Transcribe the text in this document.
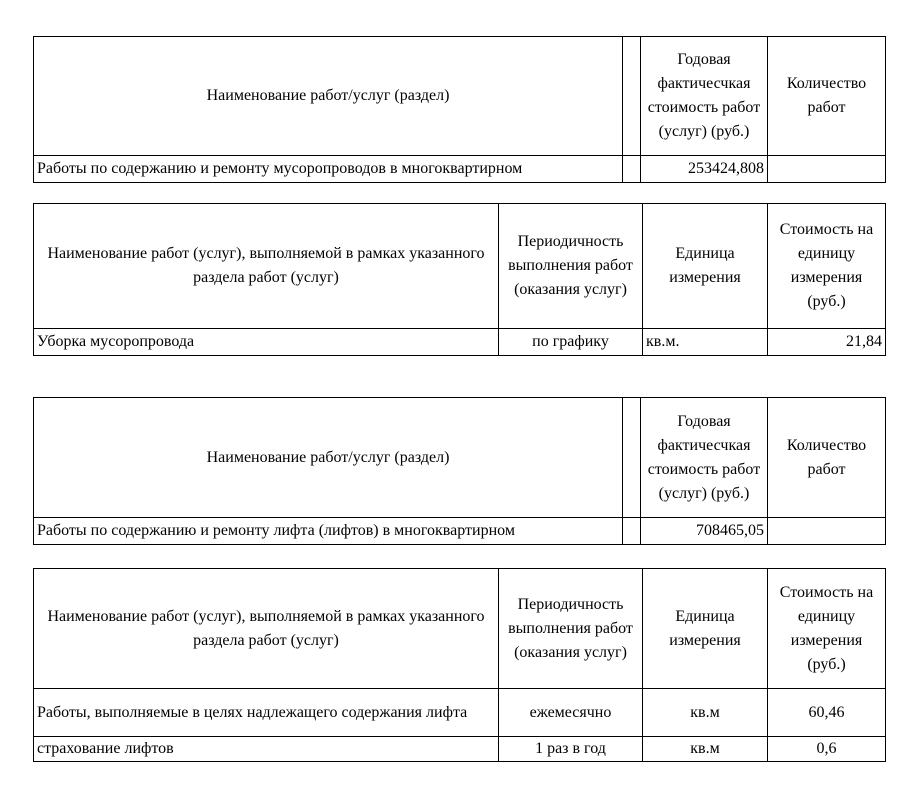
Наименование работ/услуг (раздел)		Годовая фактичесчкая стоимость работ (услуг) (руб.)	Количество работ
Работы по содержанию и ремонту мусоропроводов в многоквартирном		253424,808	
Наименование работ (услуг), выполняемой в рамках указанного раздела работ (услуг)	Периодичность выполнения работ (оказания услуг)	Единица измерения	Стоимость на единицу измерения (руб.)
Уборка мусоропровода	по графику	кв.м.	21,84
Наименование работ/услуг (раздел)		Годовая фактичесчкая стоимость работ (услуг) (руб.)	Количество работ
Работы по содержанию и ремонту лифта (лифтов) в многоквартирном		708465,05	
Наименование работ (услуг), выполняемой в рамках указанного раздела работ (услуг)	Периодичность выполнения работ (оказания услуг)	Единица измерения	Стоимость на единицу измерения (руб.)
Работы, выполняемые в целях надлежащего содержания лифта	ежемесячно	кв.м	60,46
страхование лифтов	1 раз в год	кв.м	0,6
